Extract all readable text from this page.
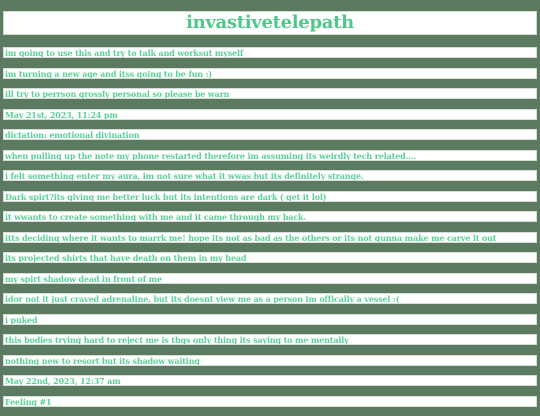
invastivetelepath
im going to use this and try to talk and worksut myself
im turning a new age and itss going to be fun :)
ill try to perrson grossly personal so please be warn
May 21st, 2023, 11:24 pm
dictation: emotional divination
when pulling up the note my phone restarted therefore im assuming its weirdly tech related....
i felt something enter my aura, im not sure what it wwas but its definitely strange.
Dark spirt?its giving me better luck but its intentions are dark ( get it lol)
it wwants to create something with me and it came through my back.
itts deciding where it wants to marrk me! hope its not as bad as the others or its not gunna make me carve it out
its projected shirts that have death on them in my head
my spirt shadow dead in front of me
idor not it just craved adrenaline, but its doesnt view me as a person im offically a vessel :(
i puked
this bodies trying hard to reject me is thgs only thing its saying to me mentally
nothing new to resort but its shadow waiting
May 22nd, 2023, 12:37 am
Feeling #1
